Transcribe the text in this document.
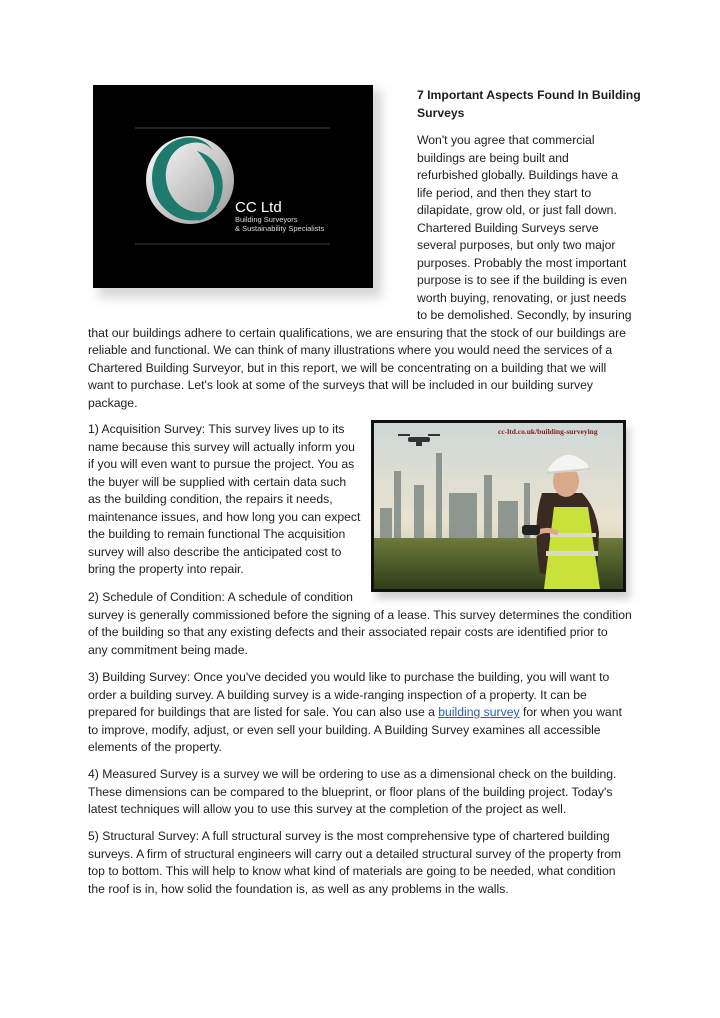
CC Ltd
Building Surveyors
& Sustainability Specialists
7 Important Aspects Found In Building
Surveys
Won't you agree that commercial
buildings are being built and
refurbished globally. Buildings have a
life period, and then they start to
dilapidate, grow old, or just fall down.
Chartered Building Surveys serve
several purposes, but only two major
purposes. Probably the most important
purpose is to see if the building is even
worth buying, renovating, or just needs
to be demolished. Secondly, by insuring
that our buildings adhere to certain qualifications, we are ensuring that the stock of our buildings are
reliable and functional. We can think of many illustrations where you would need the services of a
Chartered Building Surveyor, but in this report, we will be concentrating on a building that we will
want to purchase. Let's look at some of the surveys that will be included in our building survey
package.
cc-ltd.co.uk/building-surveying
1) Acquisition Survey: This survey lives up to its
name because this survey will actually inform you
if you will even want to pursue the project. You as
the buyer will be supplied with certain data such
as the building condition, the repairs it needs,
maintenance issues, and how long you can expect
the building to remain functional The acquisition
survey will also describe the anticipated cost to
bring the property into repair.
2) Schedule of Condition: A schedule of condition
survey is generally commissioned before the signing of a lease. This survey determines the condition
of the building so that any existing defects and their associated repair costs are identified prior to
any commitment being made.
3) Building Survey: Once you've decided you would like to purchase the building, you will want to
order a building survey. A building survey is a wide-ranging inspection of a property. It can be
prepared for buildings that are listed for sale. You can also use a building survey for when you want
to improve, modify, adjust, or even sell your building. A Building Survey examines all accessible
elements of the property.
4) Measured Survey is a survey we will be ordering to use as a dimensional check on the building.
These dimensions can be compared to the blueprint, or floor plans of the building project. Today's
latest techniques will allow you to use this survey at the completion of the project as well.
5) Structural Survey: A full structural survey is the most comprehensive type of chartered building
surveys. A firm of structural engineers will carry out a detailed structural survey of the property from
top to bottom. This will help to know what kind of materials are going to be needed, what condition
the roof is in, how solid the foundation is, as well as any problems in the walls.
